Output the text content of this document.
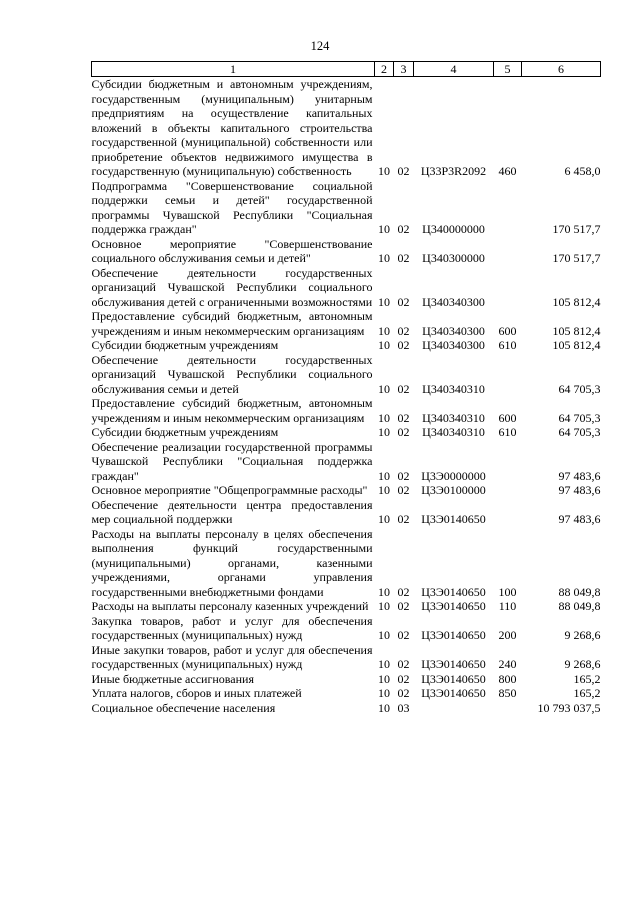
124
1	2	3	4	5	6
Субсидии бюджетным и автономным учреждениям, государственным (муниципальным) унитарным предприятиям на осуществление капитальных вложений в объекты капитального строительства государственной (муниципальной) собственности или приобретение объектов недвижимого имущества в государственную (муниципальную) собственность	10	02	Ц33Р3R2092	460	6 458,0
Подпрограмма "Совершенствование социальной поддержки семьи и детей" государственной программы Чувашской Республики "Социальная поддержка граждан"	10	02	Ц340000000		170 517,7
Основное мероприятие "Совершенствование социального обслуживания семьи и детей"	10	02	Ц340300000		170 517,7
Обеспечение деятельности государственных организаций Чувашской Республики социального обслуживания детей с ограниченными возможностями	10	02	Ц340340300		105 812,4
Предоставление субсидий бюджетным, автономным учреждениям и иным некоммерческим организациям	10	02	Ц340340300	600	105 812,4
Субсидии бюджетным учреждениям	10	02	Ц340340300	610	105 812,4
Обеспечение деятельности государственных организаций Чувашской Республики социального обслуживания семьи и детей	10	02	Ц340340310		64 705,3
Предоставление субсидий бюджетным, автономным учреждениям и иным некоммерческим организациям	10	02	Ц340340310	600	64 705,3
Субсидии бюджетным учреждениям	10	02	Ц340340310	610	64 705,3
Обеспечение реализации государственной программы Чувашской Республики "Социальная поддержка граждан"	10	02	Ц3Э0000000		97 483,6
Основное мероприятие "Общепрограммные расходы"	10	02	Ц3Э0100000		97 483,6
Обеспечение деятельности центра предоставления мер социальной поддержки	10	02	Ц3Э0140650		97 483,6
Расходы на выплаты персоналу в целях обеспечения выполнения функций государственными (муниципальными) органами, казенными учреждениями, органами управления государственными внебюджетными фондами	10	02	Ц3Э0140650	100	88 049,8
Расходы на выплаты персоналу казенных учреждений	10	02	Ц3Э0140650	110	88 049,8
Закупка товаров, работ и услуг для обеспечения государственных (муниципальных) нужд	10	02	Ц3Э0140650	200	9 268,6
Иные закупки товаров, работ и услуг для обеспечения государственных (муниципальных) нужд	10	02	Ц3Э0140650	240	9 268,6
Иные бюджетные ассигнования	10	02	Ц3Э0140650	800	165,2
Уплата налогов, сборов и иных платежей	10	02	Ц3Э0140650	850	165,2
Социальное обеспечение населения	10	03			10 793 037,5
